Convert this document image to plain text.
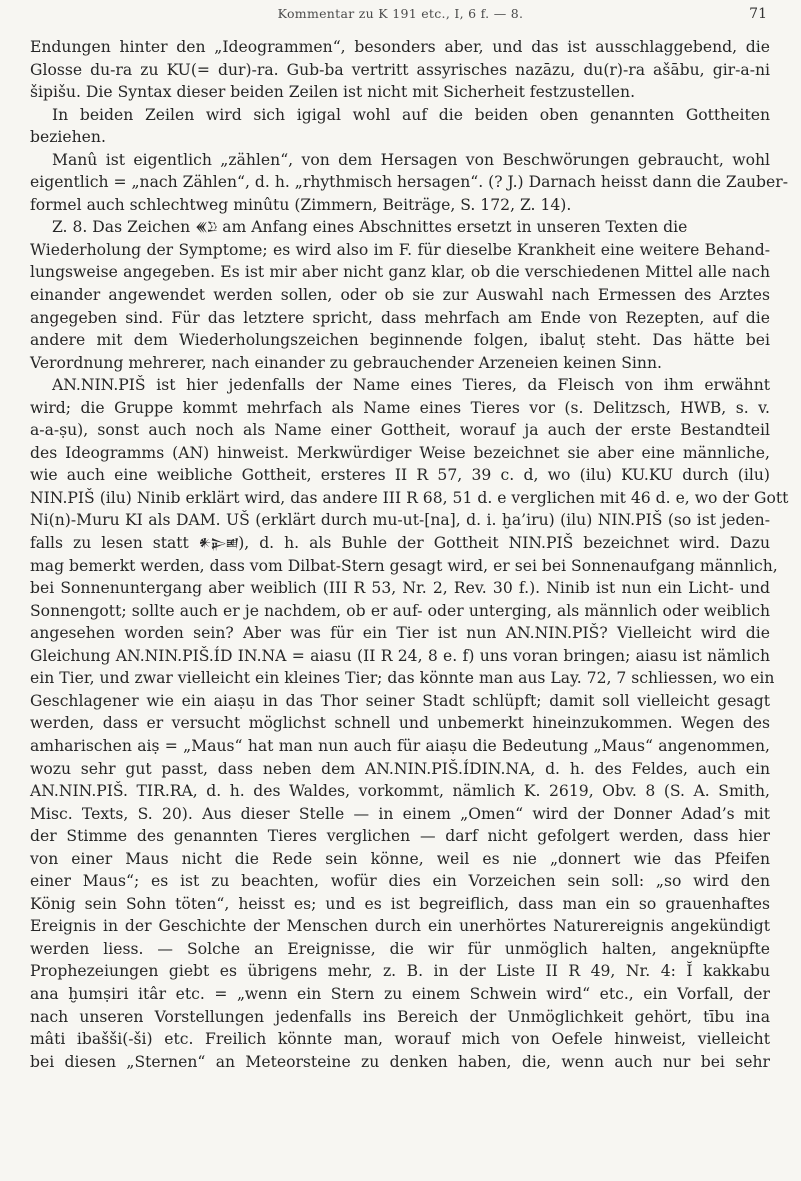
Kommentar zu K 191 etc., I, 6 f. — 8.	71
Endungen hinter den „Ideogrammen“, besonders aber, und das ist ausschlaggebend, die
Glosse du-ra zu KU(= dur)-ra. Gub-ba vertritt assyrisches nazāzu, du(r)-ra ašābu, gir-a-ni
šipišu. Die Syntax dieser beiden Zeilen ist nicht mit Sicherheit festzustellen.
In beiden Zeilen wird sich igigal wohl auf die beiden oben genannten Gottheiten
beziehen.
Manû ist eigentlich „zählen“, von dem Hersagen von Beschwörungen gebraucht, wohl
eigentlich = „nach Zählen“, d. h. „rhythmisch hersagen“. (? J.) Darnach heisst dann die Zauber-
formel auch schlechtweg minûtu (Zimmern, Beiträge, S. 172, Z. 14).
Z. 8. Das Zeichen 𒌍𒊒 am Anfang eines Abschnittes ersetzt in unseren Texten die
Wiederholung der Symptome; es wird also im F. für dieselbe Krankheit eine weitere Behand-
lungsweise angegeben. Es ist mir aber nicht ganz klar, ob die verschiedenen Mittel alle nach
einander angewendet werden sollen, oder ob sie zur Auswahl nach Ermessen des Arztes
angegeben sind. Für das letztere spricht, dass mehrfach am Ende von Rezepten, auf die
andere mit dem Wiederholungszeichen beginnende folgen, ibaluṭ steht. Das hätte bei
Verordnung mehrerer, nach einander zu gebrauchender Arzeneien keinen Sinn.
AN.NIN.PIŠ ist hier jedenfalls der Name eines Tieres, da Fleisch von ihm erwähnt
wird; die Gruppe kommt mehrfach als Name eines Tieres vor (s. Delitzsch, HWB, s. v.
a-a-ṣu), sonst auch noch als Name einer Gottheit, worauf ja auch der erste Bestandteil
des Ideogramms (AN) hinweist. Merkwürdiger Weise bezeichnet sie aber eine männliche,
wie auch eine weibliche Gottheit, ersteres II R 57, 39 c. d, wo (ilu) KU.KU durch (ilu)
NIN.PIŠ (ilu) Ninib erklärt wird, das andere III R 68, 51 d. e verglichen mit 46 d. e, wo der Gott
Ni(n)-Muru KI als DAM. UŠ (erklärt durch mu-ut-[na], d. i. ḫa’iru) (ilu) NIN.PIŠ (so ist jeden-
falls zu lesen statt 𒀭𒉌𒅖), d. h. als Buhle der Gottheit NIN.PIŠ bezeichnet wird. Dazu
mag bemerkt werden, dass vom Dilbat-Stern gesagt wird, er sei bei Sonnenaufgang männlich,
bei Sonnenuntergang aber weiblich (III R 53, Nr. 2, Rev. 30 f.). Ninib ist nun ein Licht- und
Sonnengott; sollte auch er je nachdem, ob er auf- oder unterging, als männlich oder weiblich
angesehen worden sein? Aber was für ein Tier ist nun AN.NIN.PIŠ? Vielleicht wird die
Gleichung AN.NIN.PIŠ.ÍD IN.NA = aiasu (II R 24, 8 e. f) uns voran bringen; aiasu ist nämlich
ein Tier, und zwar vielleicht ein kleines Tier; das könnte man aus Lay. 72, 7 schliessen, wo ein
Geschlagener wie ein aiaṣu in das Thor seiner Stadt schlüpft; damit soll vielleicht gesagt
werden, dass er versucht möglichst schnell und unbemerkt hineinzukommen. Wegen des
amharischen aiṣ = „Maus“ hat man nun auch für aiaṣu die Bedeutung „Maus“ angenommen,
wozu sehr gut passt, dass neben dem AN.NIN.PIŠ.ÍDIN.NA, d. h. des Feldes, auch ein
AN.NIN.PIŠ. TIR.RA, d. h. des Waldes, vorkommt, nämlich K. 2619, Obv. 8 (S. A. Smith,
Misc. Texts, S. 20). Aus dieser Stelle — in einem „Omen“ wird der Donner Adad’s mit
der Stimme des genannten Tieres verglichen — darf nicht gefolgert werden, dass hier
von einer Maus nicht die Rede sein könne, weil es nie „donnert wie das Pfeifen
einer Maus“; es ist zu beachten, wofür dies ein Vorzeichen sein soll: „so wird den
König sein Sohn töten“, heisst es; und es ist begreiflich, dass man ein so grauenhaftes
Ereignis in der Geschichte der Menschen durch ein unerhörtes Naturereignis angekündigt
werden liess. — Solche an Ereignisse, die wir für unmöglich halten, angeknüpfte
Prophezeiungen giebt es übrigens mehr, z. B. in der Liste II R 49, Nr. 4: Ĭ kakkabu
ana ḫumṣiri itâr etc. = „wenn ein Stern zu einem Schwein wird“ etc., ein Vorfall, der
nach unseren Vorstellungen jedenfalls ins Bereich der Unmöglichkeit gehört, tību ina
mâti ibašši(-ši) etc. Freilich könnte man, worauf mich von Oefele hinweist, vielleicht
bei diesen „Sternen“ an Meteorsteine zu denken haben, die, wenn auch nur bei sehr
